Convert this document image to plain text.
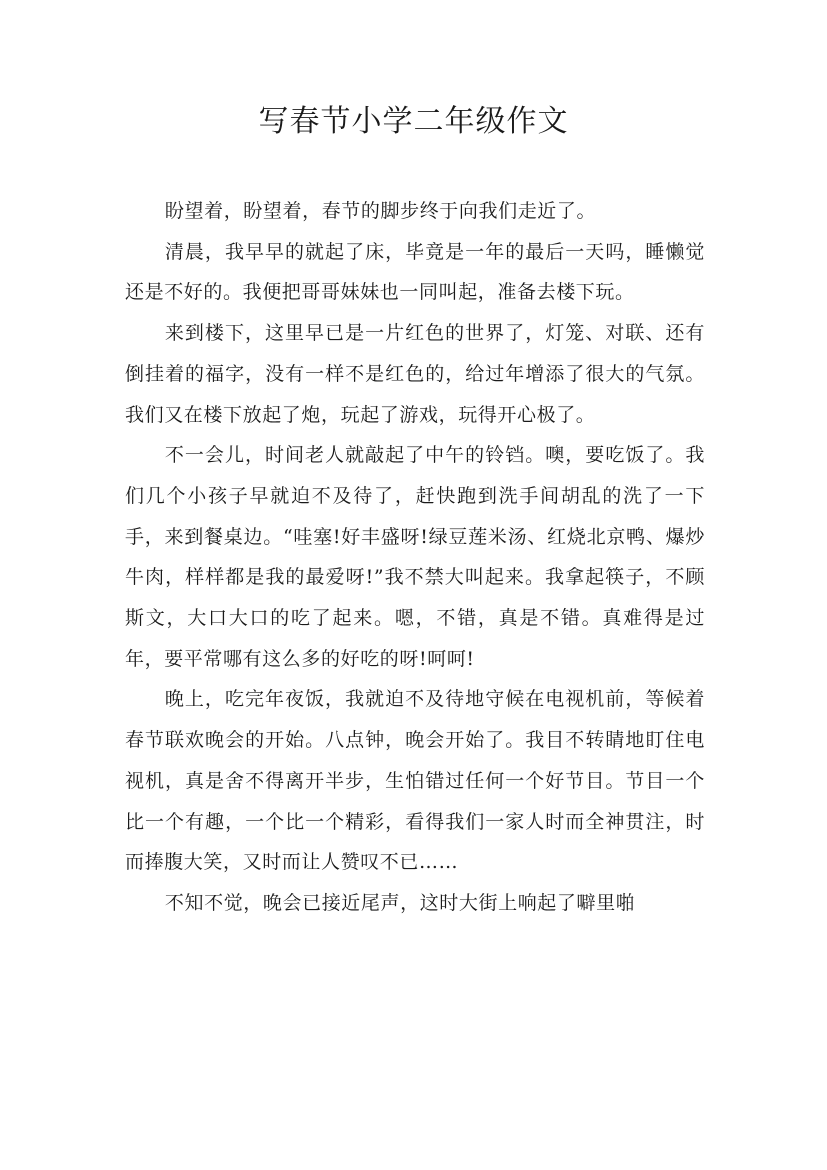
写春节小学二年级作文

盼望着，盼望着，春节的脚步终于向我们走近了。

清晨，我早早的就起了床，毕竟是一年的最后一天吗，睡懒觉还是不好的。我便把哥哥妹妹也一同叫起，准备去楼下玩。

来到楼下，这里早已是一片红色的世界了，灯笼、对联、还有倒挂着的福字，没有一样不是红色的，给过年增添了很大的气氛。我们又在楼下放起了炮，玩起了游戏，玩得开心极了。

不一会儿，时间老人就敲起了中午的铃铛。噢，要吃饭了。我们几个小孩子早就迫不及待了，赶快跑到洗手间胡乱的洗了一下手，来到餐桌边。“哇塞!好丰盛呀!绿豆莲米汤、红烧北京鸭、爆炒牛肉，样样都是我的最爱呀!”我不禁大叫起来。我拿起筷子，不顾斯文，大口大口的吃了起来。嗯，不错，真是不错。真难得是过年，要平常哪有这么多的好吃的呀!呵呵!

晚上，吃完年夜饭，我就迫不及待地守候在电视机前，等候着春节联欢晚会的开始。八点钟，晚会开始了。我目不转睛地盯住电视机，真是舍不得离开半步，生怕错过任何一个好节目。节目一个比一个有趣，一个比一个精彩，看得我们一家人时而全神贯注，时而捧腹大笑，又时而让人赞叹不已……

不知不觉，晚会已接近尾声，这时大街上响起了噼里啪
